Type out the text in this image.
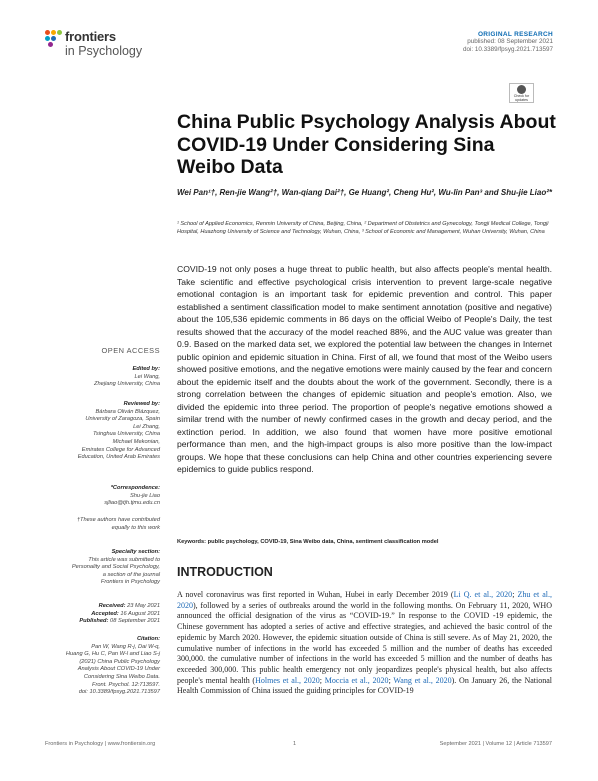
frontiers
in Psychology
ORIGINAL RESEARCH
published: 08 September 2021
doi: 10.3389/fpsyg.2021.713597
Check for updates
China Public Psychology Analysis About COVID-19 Under Considering Sina Weibo Data
Wei Pan¹†, Ren-jie Wang²†, Wan-qiang Dai²†, Ge Huang², Cheng Hu², Wu-lin Pan³ and Shu-jie Liao²*
¹ School of Applied Economics, Renmin University of China, Beijing, China, ² Department of Obstetrics and Gynecology, Tongji Medical College, Tongji Hospital, Huazhong University of Science and Technology, Wuhan, China, ³ School of Economic and Management, Wuhan University, Wuhan, China

COVID-19 not only poses a huge threat to public health, but also affects people's mental health. Take scientific and effective psychological crisis intervention to prevent large-scale negative emotional contagion is an important task for epidemic prevention and control. This paper established a sentiment classification model to make sentiment annotation (positive and negative) about the 105,536 epidemic comments in 86 days on the official Weibo of People's Daily, the test results showed that the accuracy of the model reached 88%, and the AUC value was greater than 0.9. Based on the marked data set, we explored the potential law between the changes in Internet public opinion and epidemic situation in China. First of all, we found that most of the Weibo users showed positive emotions, and the negative emotions were mainly caused by the fear and concern about the epidemic itself and the doubts about the work of the government. Secondly, there is a strong correlation between the changes of epidemic situation and people's emotion. Also, we divided the epidemic into three period. The proportion of people's negative emotions showed a similar trend with the number of newly confirmed cases in the growth and decay period, and the extinction period. In addition, we also found that women have more positive emotional performance than men, and the high-impact groups is also more positive than the low-impact groups. We hope that these conclusions can help China and other countries experiencing severe epidemics to guide publics respond.

Keywords: public psychology, COVID-19, Sina Weibo data, China, sentiment classification model
INTRODUCTION

A novel coronavirus was first reported in Wuhan, Hubei in early December 2019 (Li Q. et al., 2020; Zhu et al., 2020), followed by a series of outbreaks around the world in the following months. On February 11, 2020, WHO announced the official designation of the virus as “COVID-19.” In response to the COVID -19 epidemic, the Chinese government has adopted a series of active and effective strategies, and achieved the basic control of the epidemic by March 2020. However, the epidemic situation outside of China is still severe. As of May 21, 2020, the cumulative number of infections in the world has exceeded 5 million and the number of deaths has exceeded 300,000. the cumulative number of infections in the world has exceeded 5 million and the number of deaths has exceeded 300,000. This public health emergency not only jeopardizes people's physical health, but also affects people's mental health (Holmes et al., 2020; Moccia et al., 2020; Wang et al., 2020). On January 26, the National Health Commission of China issued the guiding principles for COVID-19

OPEN ACCESS
Edited by:
Lei Wang,
Zhejiang University, China
Reviewed by:
Bárbara Oliván Blázquez,
University of Zaragoza, Spain
Lei Zhang,
Tsinghua University, China
Michael Mekonian,
Emirates College for Advanced
Education, United Arab Emirates
*Correspondence:
Shu-jie Liao
sjliao@tjh.tjmu.edu.cn
†These authors have contributed
equally to this work
Specialty section:
This article was submitted to
Personality and Social Psychology,
a section of the journal
Frontiers in Psychology
Received: 23 May 2021
Accepted: 16 August 2021
Published: 08 September 2021
Citation:
Pan W, Wang R-j, Dai W-q,
Huang G, Hu C, Pan W-l and Liao S-j
(2021) China Public Psychology
Analysis About COVID-19 Under
Considering Sina Weibo Data.
Front. Psychol. 12:713597.
doi: 10.3389/fpsyg.2021.713597
Frontiers in Psychology | www.frontiersin.org	1	September 2021 | Volume 12 | Article 713597
